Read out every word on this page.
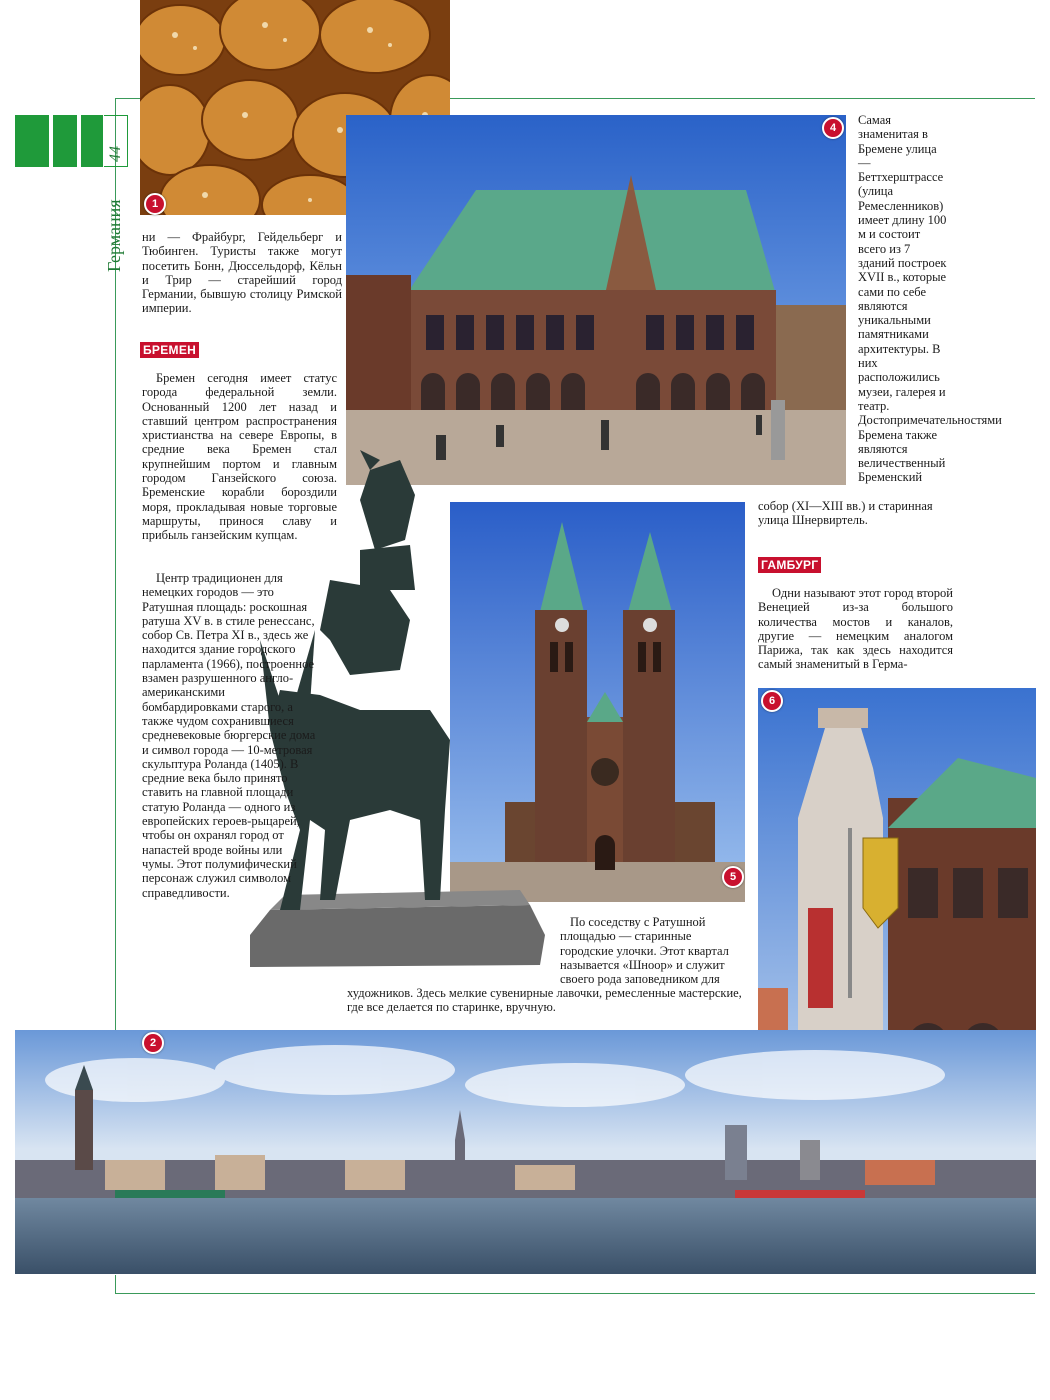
44
Германия	1
ни — Фрайбург, Гейдельберг и Тюбинген. Туристы также могут посетить Бонн, Дюссельдорф, Кёльн и Трир — старейший город Германии, бывшую столицу Римской империи.
4
Самая знаменитая в Бремене улица — Беттхерштрассе (улица Ремесленников) имеет длину 100 м и состоит всего из 7 зданий построек XVII в., которые сами по себе являются уникальными памятниками архитектуры. В них расположились музеи, галерея и театр. Достопримечательностями Бремена также являются величественный Бременский
собор (XI—XIII вв.) и старинная улица Шнервиртель.
БРЕМЕН
Бремен сегодня имеет статус города федеральной земли. Основанный 1200 лет назад и ставший центром распространения христианства на севере Европы, в средние века Бремен стал крупнейшим портом и главным городом Ганзейского союза. Бременские корабли бороздили моря, прокладывая новые торговые маршруты, принося славу и прибыль ганзейским купцам.
5
Центр традиционен для немецких городов — это Ратушная площадь: роскошная ратуша XV в. в стиле ренессанс, собор Св. Петра XI в., здесь же находится здание городского парламента (1966), построенное взамен разрушенного англо-американскими бомбардировками старого, а также чудом сохранившиеся средневековые бюргерские дома и символ города — 10-метровая скульптура Роланда (1405). В средние века было принято ставить на главной площади статую Роланда — одного из европейских героев-рыцарей, чтобы он охранял город от напастей вроде войны или чумы. Этот полумифический персонаж служил символом справедливости.
ГАМБУРГ
Одни называют этот город второй Венецией из-за большого количества мостов и каналов, другие — немецким аналогом Парижа, так как здесь находится самый знаменитый в Герма-
6
По соседству с Ратушной площадью — старинные городские улочки. Этот квартал называется «Шноор» и служит своего рода заповедником для
художников. Здесь мелкие сувенирные лавочки, ремесленные мастерские, где все делается по старинке, вручную.
2
